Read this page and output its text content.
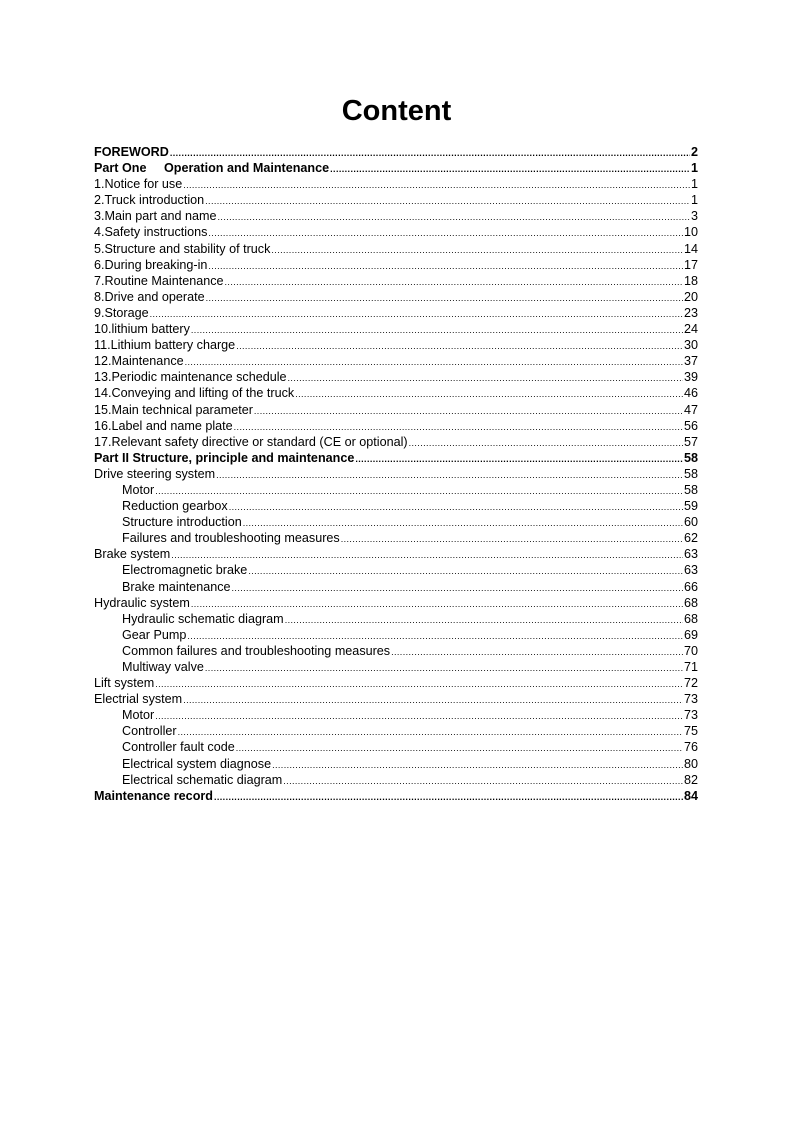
Content
FOREWORD .....	2
Part One     Operation and Maintenance .....	1
1.Notice for use .....	1
2.Truck introduction .....	1
3.Main part and name .....	3
4.Safety instructions .....	10
5.Structure and stability of truck .....	14
6.During breaking-in .....	17
7.Routine Maintenance .....	18
8.Drive and operate .....	20
9.Storage .....	23
10.lithium battery .....	24
11.Lithium battery charge .....	30
12.Maintenance .....	37
13.Periodic maintenance schedule .....	39
14.Conveying and lifting of the truck .....	46
15.Main technical parameter .....	47
16.Label and name plate .....	56
17.Relevant safety directive or standard (CE or optional) .....	57
Part II Structure, principle and maintenance .....	58
Drive steering system .....	58
Motor .....	58
Reduction gearbox .....	59
Structure introduction .....	60
Failures and troubleshooting measures .....	62
Brake system .....	63
Electromagnetic brake .....	63
Brake maintenance .....	66
Hydraulic system .....	68
Hydraulic schematic diagram .....	68
Gear Pump .....	69
Common failures and troubleshooting measures .....	70
Multiway valve .....	71
Lift system .....	72
Electrial system .....	73
Motor .....	73
Controller .....	75
Controller fault code .....	76
Electrical system diagnose .....	80
Electrical schematic diagram .....	82
Maintenance record .....	84
